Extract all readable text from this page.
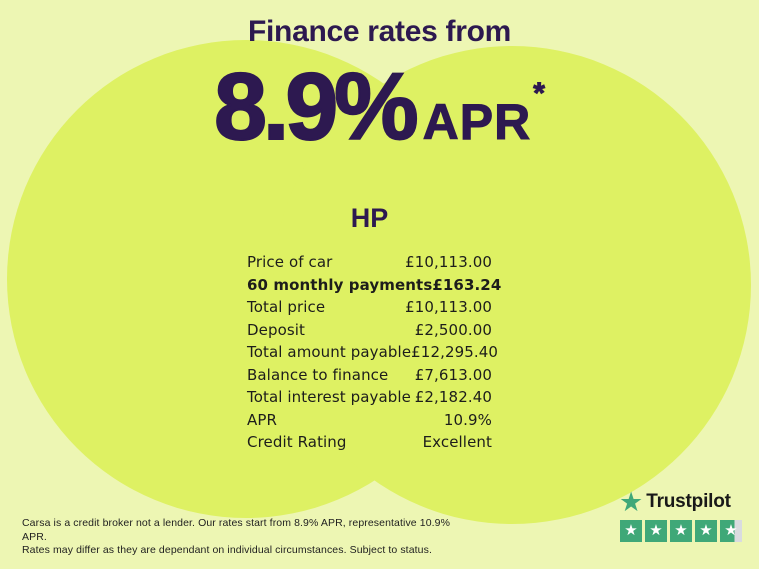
Finance rates from
8.9% APR
*
HP
Price of car	£10,113.00
60 monthly payments £163.24
Total price	£10,113.00
Deposit	£2,500.00
Total amount payable £12,295.40
Balance to finance £7,613.00
Total interest payable £2,182.40
APR	10.9%
Credit Rating	Excellent
Carsa is a credit broker not a lender. Our rates start from 8.9% APR, representative 10.9% APR.
Rates may differ as they are dependant on individual circumstances. Subject to status.
★ Trustpilot
★ ★ ★ ★ ★
